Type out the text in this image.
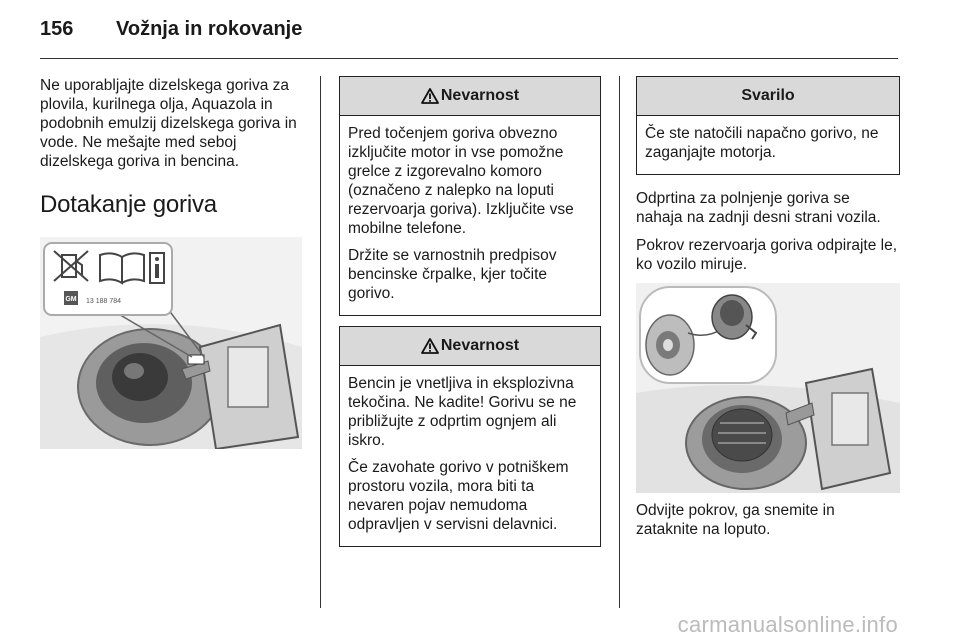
156	Vožnja in rokovanje

Ne uporabljajte dizelskega goriva za plovila, kurilnega olja, Aquazola in podobnih emulzij dizelskega goriva in vode. Ne mešajte med seboj dizelskega goriva in bencina.

Dotakanje goriva
GM 13 188 784
Nevarnost

Pred točenjem goriva obvezno izključite motor in vse pomožne grelce z izgorevalno komoro (označeno z nalepko na loputi rezervoarja goriva). Izključite vse mobilne telefone.

Držite se varnostnih predpisov bencinske črpalke, kjer točite gorivo.

Nevarnost

Bencin je vnetljiva in eksplozivna tekočina. Ne kadite! Gorivu se ne približujte z odprtim ognjem ali iskro.

Če zavohate gorivo v potniškem prostoru vozila, mora biti ta nevaren pojav nemudoma odpravljen v servisni delavnici.

Svarilo

Če ste natočili napačno gorivo, ne zaganjajte motorja.

Odprtina za polnjenje goriva se nahaja na zadnji desni strani vozila.

Pokrov rezervoarja goriva odpirajte le, ko vozilo miruje.

Odvijte pokrov, ga snemite in zataknite na loputo.

carmanualsonline.info
